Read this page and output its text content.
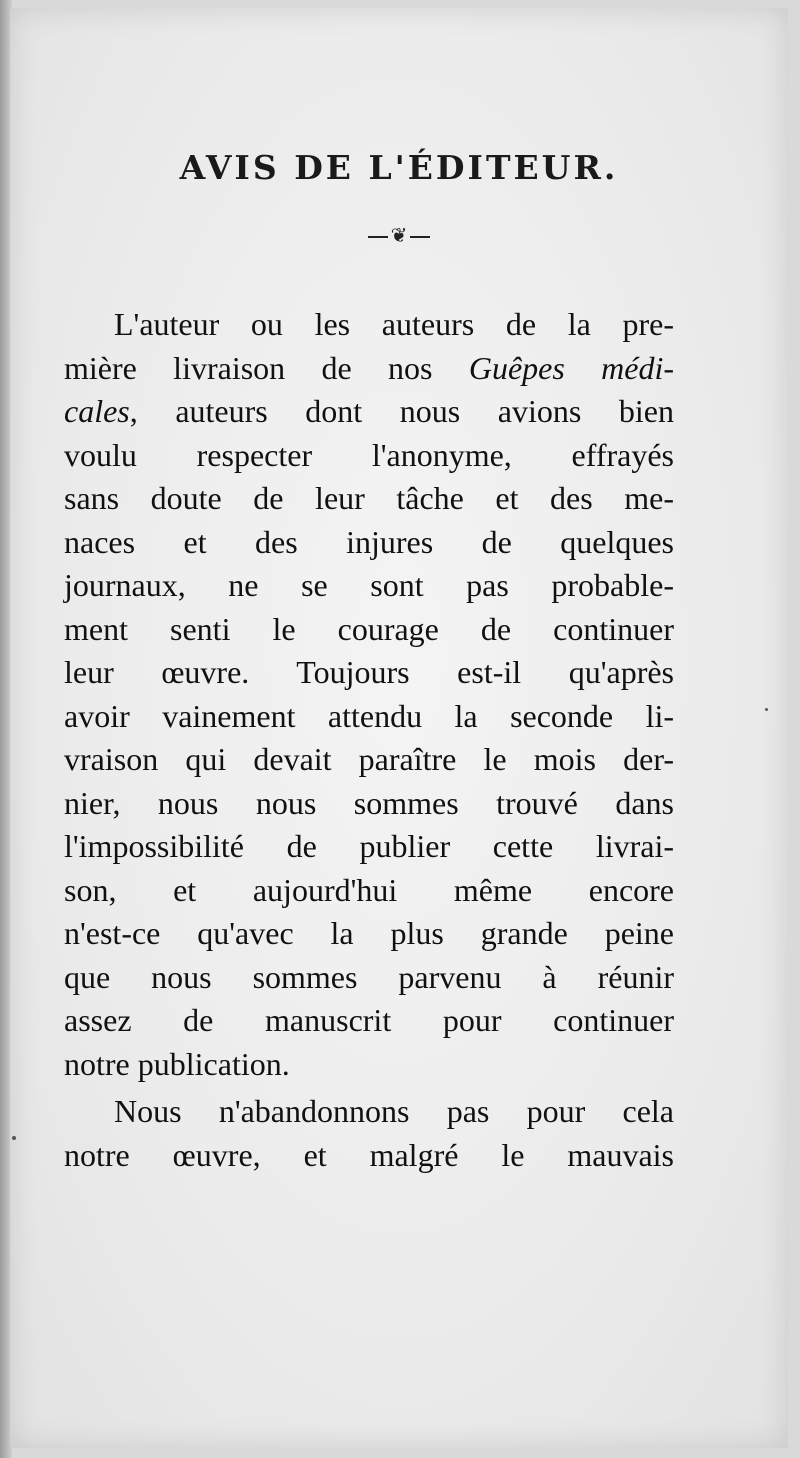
AVIS DE L'ÉDITEUR.
❦
L'auteur ou les auteurs de la pre-
mière livraison de nos Guêpes médi-
cales, auteurs dont nous avions bien
voulu respecter l'anonyme, effrayés
sans doute de leur tâche et des me-
naces et des injures de quelques
journaux, ne se sont pas probable-
ment senti le courage de continuer
leur œuvre. Toujours est-il qu'après
avoir vainement attendu la seconde li-
vraison qui devait paraître le mois der-
nier, nous nous sommes trouvé dans
l'impossibilité de publier cette livrai-
son, et aujourd'hui même encore
n'est-ce qu'avec la plus grande peine
que nous sommes parvenu à réunir
assez de manuscrit pour continuer
notre publication.
Nous n'abandonnons pas pour cela
notre œuvre, et malgré le mauvais
